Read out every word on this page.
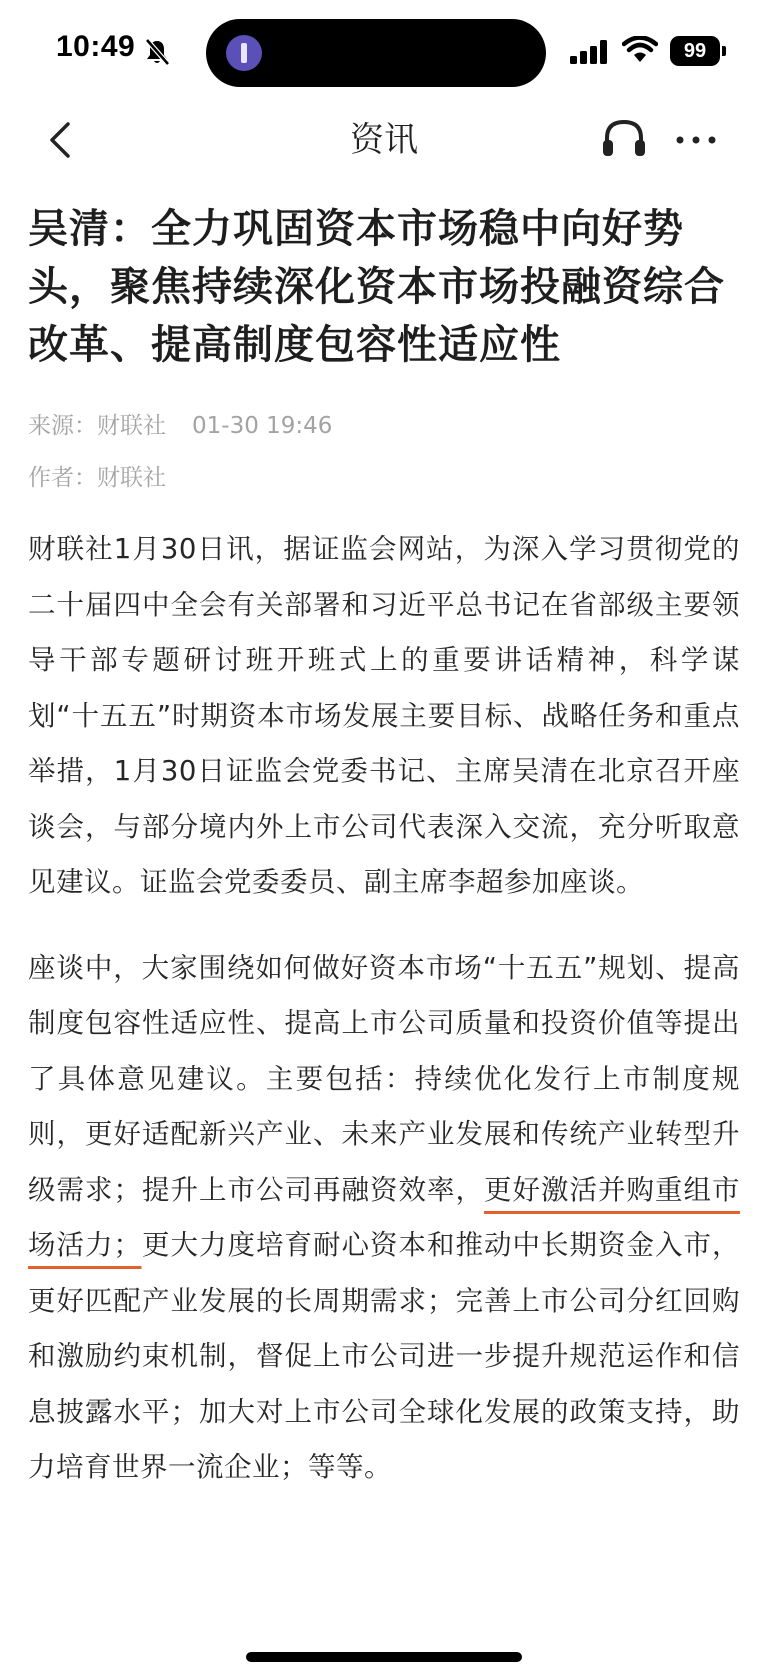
10:49	99
资讯
吴清：全力巩固资本市场稳中向好势头，聚焦持续深化资本市场投融资综合改革、提高制度包容性适应性
来源：财联社 01-30 19:46
作者：财联社

财联社1月30日讯，据证监会网站，为深入学习贯彻党的二十届四中全会有关部署和习近平总书记在省部级主要领导干部专题研讨班开班式上的重要讲话精神，科学谋划“十五五”时期资本市场发展主要目标、战略任务和重点举措，1月30日证监会党委书记、主席吴清在北京召开座谈会，与部分境内外上市公司代表深入交流，充分听取意见建议。证监会党委委员、副主席李超参加座谈。

座谈中，大家围绕如何做好资本市场“十五五”规划、提高制度包容性适应性、提高上市公司质量和投资价值等提出了具体意见建议。主要包括：持续优化发行上市制度规则，更好适配新兴产业、未来产业发展和传统产业转型升级需求；提升上市公司再融资效率，更好激活并购重组市场活力；更大力度培育耐心资本和推动中长期资金入市，更好匹配产业发展的长周期需求；完善上市公司分红回购和激励约束机制，督促上市公司进一步提升规范运作和信息披露水平；加大对上市公司全球化发展的政策支持，助力培育世界一流企业；等等。
